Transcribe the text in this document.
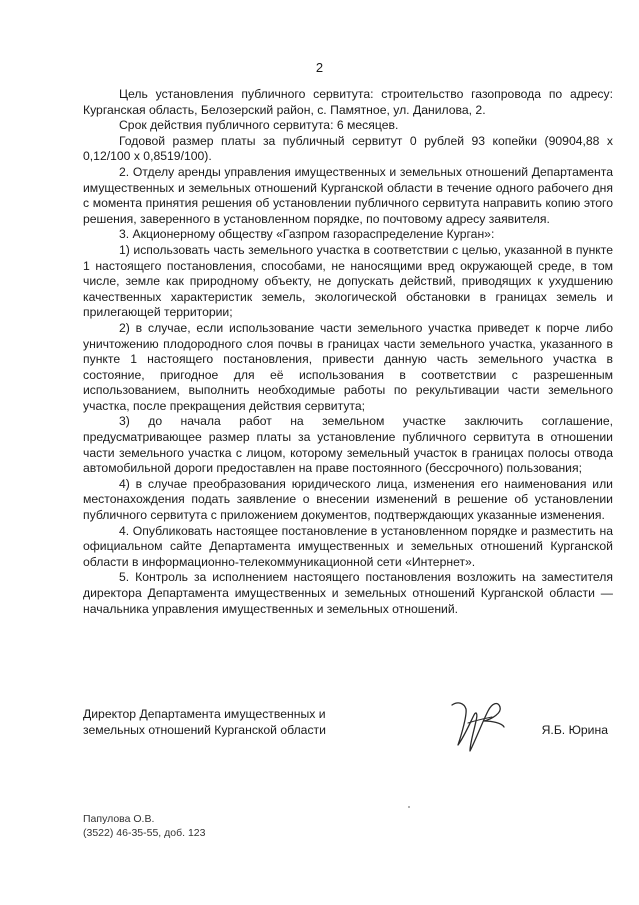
2

Цель установления публичного сервитута: строительство газопровода по адресу: Курганская область, Белозерский район, с. Памятное, ул. Данилова, 2.

Срок действия публичного сервитута: 6 месяцев.

Годовой размер платы за публичный сервитут 0 рублей 93 копейки (90904,88 х 0,12/100 х 0,8519/100).

2. Отделу аренды управления имущественных и земельных отношений Департамента имущественных и земельных отношений Курганской области в течение одного рабочего дня с момента принятия решения об установлении публичного сервитута направить копию этого решения, заверенного в установленном порядке, по почтовому адресу заявителя.

3. Акционерному обществу «Газпром газораспределение Курган»:

1) использовать часть земельного участка в соответствии с целью, указанной в пункте 1 настоящего постановления, способами, не наносящими вред окружающей среде, в том числе, земле как природному объекту, не допускать действий, приводящих к ухудшению качественных характеристик земель, экологической обстановки в границах земель и прилегающей территории;

2) в случае, если использование части земельного участка приведет к порче либо уничтожению плодородного слоя почвы в границах части земельного участка, указанного в пункте 1 настоящего постановления, привести данную часть земельного участка в состояние, пригодное для её использования в соответствии с разрешенным использованием, выполнить необходимые работы по рекультивации части земельного участка, после прекращения действия сервитута;

3) до начала работ на земельном участке заключить соглашение, предусматривающее размер платы за установление публичного сервитута в отношении части земельного участка с лицом, которому земельный участок в границах полосы отвода автомобильной дороги предоставлен на праве постоянного (бессрочного) пользования;

4) в случае преобразования юридического лица, изменения его наименования или местонахождения подать заявление о внесении изменений в решение об установлении публичного сервитута с приложением документов, подтверждающих указанные изменения.

4. Опубликовать настоящее постановление в установленном порядке и разместить на официальном сайте Департамента имущественных и земельных отношений Курганской области в информационно-телекоммуникационной сети «Интернет».

5. Контроль за исполнением настоящего постановления возложить на заместителя директора Департамента имущественных и земельных отношений Курганской области — начальника управления имущественных и земельных отношений.

Директор Департамента имущественных и
земельных отношений Курганской области	Я.Б. Юрина
Папулова О.В.
(3522) 46-35-55, доб. 123
